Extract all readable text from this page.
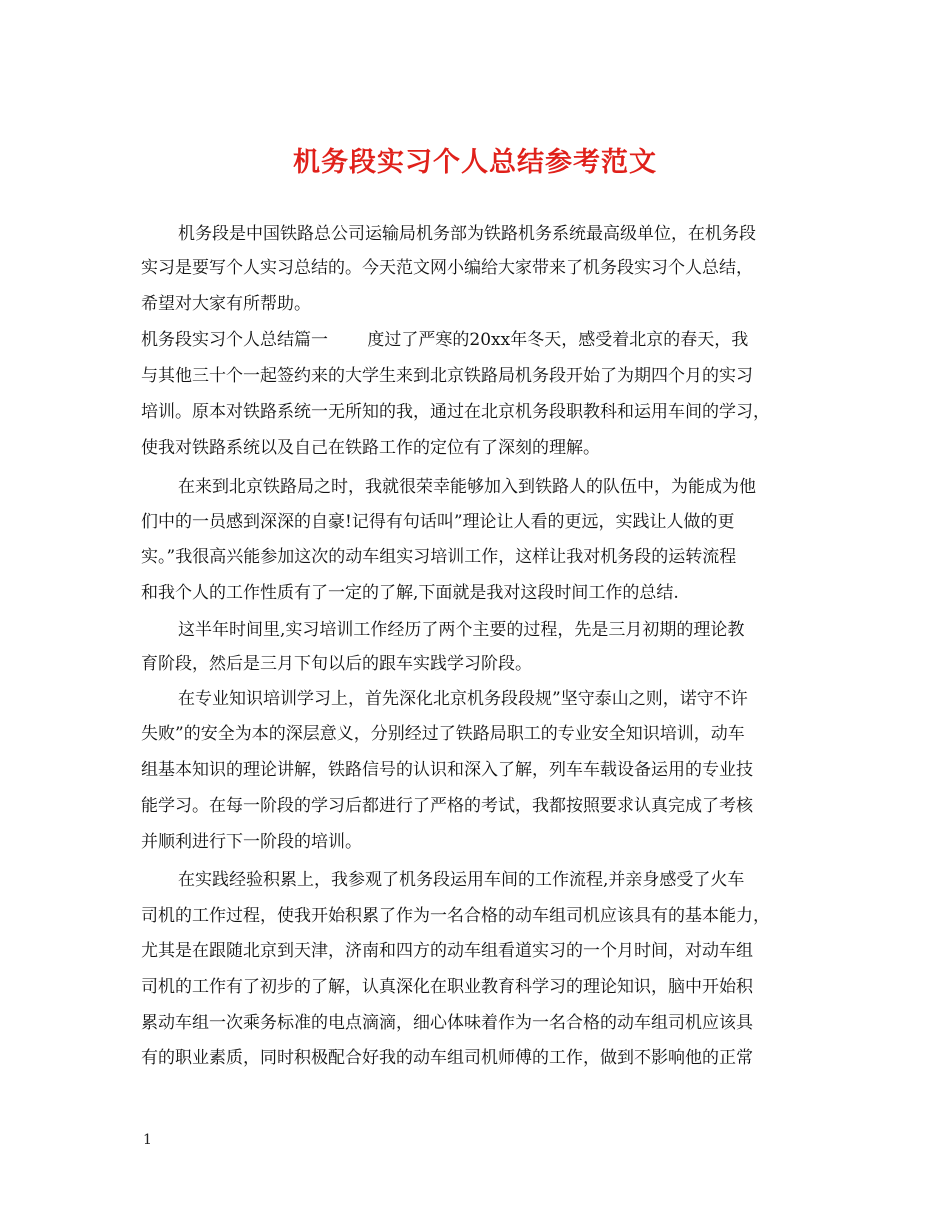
机务段实习个人总结参考范文
机务段是中国铁路总公司运输局机务部为铁路机务系统最高级单位，在机务段
实习是要写个人实习总结的。今天范文网小编给大家带来了机务段实习个人总结，
希望对大家有所帮助。
机务段实习个人总结篇一　　 度过了严寒的20xx年冬天，感受着北京的春天，我
与其他三十个一起签约来的大学生来到北京铁路局机务段开始了为期四个月的实习
培训。原本对铁路系统一无所知的我，通过在北京机务段职教科和运用车间的学习，
使我对铁路系统以及自己在铁路工作的定位有了深刻的理解。
在来到北京铁路局之时，我就很荣幸能够加入到铁路人的队伍中，为能成为他
们中的一员感到深深的自豪!记得有句话叫”理论让人看的更远，实践让人做的更
实。”我很高兴能参加这次的动车组实习培训工作，这样让我对机务段的运转流程
和我个人的工作性质有了一定的了解,下面就是我对这段时间工作的总结.
这半年时间里,实习培训工作经历了两个主要的过程，先是三月初期的理论教
育阶段，然后是三月下旬以后的跟车实践学习阶段。
在专业知识培训学习上，首先深化北京机务段段规”坚守泰山之则，诺守不许
失败”的安全为本的深层意义，分别经过了铁路局职工的专业安全知识培训，动车
组基本知识的理论讲解，铁路信号的认识和深入了解，列车车载设备运用的专业技
能学习。在每一阶段的学习后都进行了严格的考试，我都按照要求认真完成了考核
并顺利进行下一阶段的培训。
在实践经验积累上，我参观了机务段运用车间的工作流程,并亲身感受了火车
司机的工作过程，使我开始积累了作为一名合格的动车组司机应该具有的基本能力，
尤其是在跟随北京到天津，济南和四方的动车组看道实习的一个月时间，对动车组
司机的工作有了初步的了解，认真深化在职业教育科学习的理论知识，脑中开始积
累动车组一次乘务标准的电点滴滴，细心体味着作为一名合格的动车组司机应该具
有的职业素质，同时积极配合好我的动车组司机师傅的工作，做到不影响他的正常
1
